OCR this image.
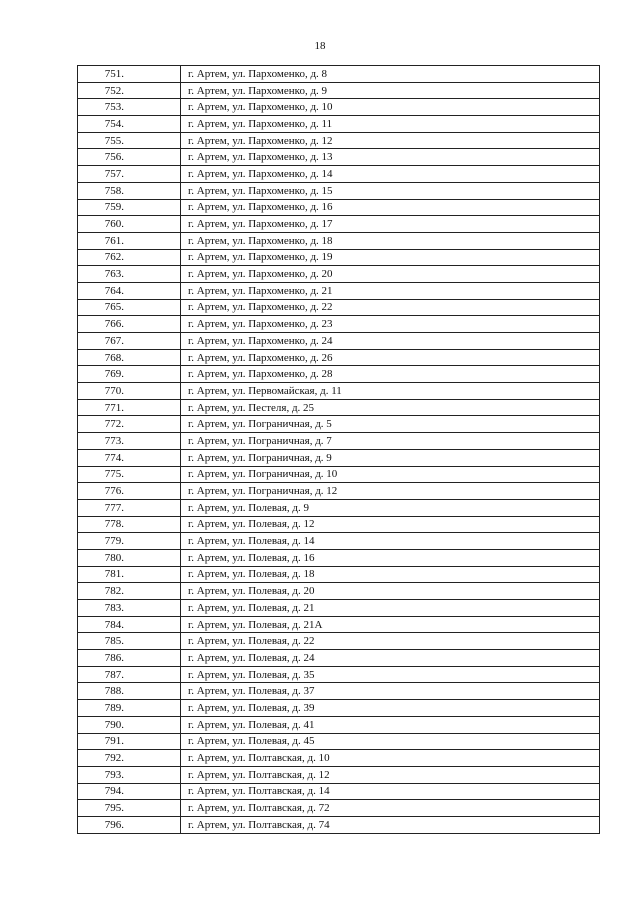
18
751.	г. Артем, ул. Пархоменко, д. 8
752.	г. Артем, ул. Пархоменко, д. 9
753.	г. Артем, ул. Пархоменко, д. 10
754.	г. Артем, ул. Пархоменко, д. 11
755.	г. Артем, ул. Пархоменко, д. 12
756.	г. Артем, ул. Пархоменко, д. 13
757.	г. Артем, ул. Пархоменко, д. 14
758.	г. Артем, ул. Пархоменко, д. 15
759.	г. Артем, ул. Пархоменко, д. 16
760.	г. Артем, ул. Пархоменко, д. 17
761.	г. Артем, ул. Пархоменко, д. 18
762.	г. Артем, ул. Пархоменко, д. 19
763.	г. Артем, ул. Пархоменко, д. 20
764.	г. Артем, ул. Пархоменко, д. 21
765.	г. Артем, ул. Пархоменко, д. 22
766.	г. Артем, ул. Пархоменко, д. 23
767.	г. Артем, ул. Пархоменко, д. 24
768.	г. Артем, ул. Пархоменко, д. 26
769.	г. Артем, ул. Пархоменко, д. 28
770.	г. Артем, ул. Первомайская, д. 11
771.	г. Артем, ул. Пестеля, д. 25
772.	г. Артем, ул. Пограничная, д. 5
773.	г. Артем, ул. Пограничная, д. 7
774.	г. Артем, ул. Пограничная, д. 9
775.	г. Артем, ул. Пограничная, д. 10
776.	г. Артем, ул. Пограничная, д. 12
777.	г. Артем, ул. Полевая, д. 9
778.	г. Артем, ул. Полевая, д. 12
779.	г. Артем, ул. Полевая, д. 14
780.	г. Артем, ул. Полевая, д. 16
781.	г. Артем, ул. Полевая, д. 18
782.	г. Артем, ул. Полевая, д. 20
783.	г. Артем, ул. Полевая, д. 21
784.	г. Артем, ул. Полевая, д. 21А
785.	г. Артем, ул. Полевая, д. 22
786.	г. Артем, ул. Полевая, д. 24
787.	г. Артем, ул. Полевая, д. 35
788.	г. Артем, ул. Полевая, д. 37
789.	г. Артем, ул. Полевая, д. 39
790.	г. Артем, ул. Полевая, д. 41
791.	г. Артем, ул. Полевая, д. 45
792.	г. Артем, ул. Полтавская, д. 10
793.	г. Артем, ул. Полтавская, д. 12
794.	г. Артем, ул. Полтавская, д. 14
795.	г. Артем, ул. Полтавская, д. 72
796.	г. Артем, ул. Полтавская, д. 74
